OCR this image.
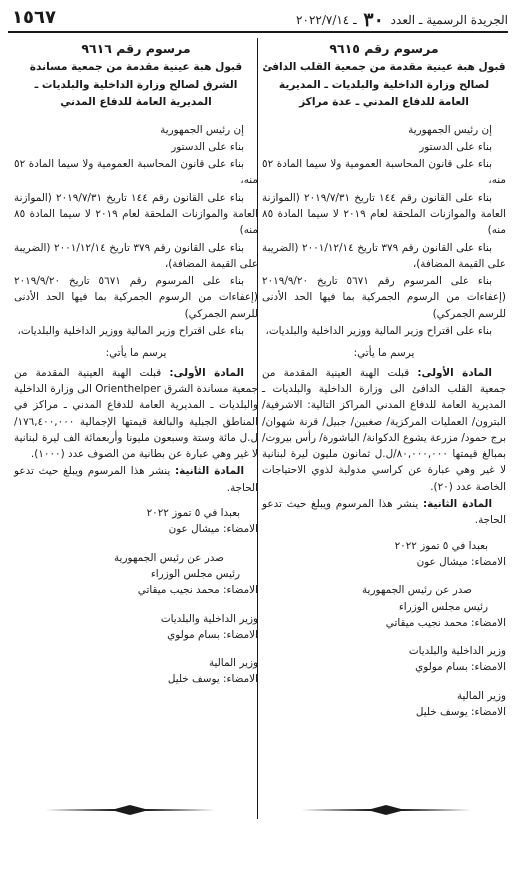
الجريدة الرسمية ـ العدد ٣٠ ـ ٢٠٢٢/٧/١٤
١٥٦٧
مرسوم رقم ٩٦١٥
قبول هبة عينية مقدمة من جمعية القلب الدافئ لصالح وزارة الداخلية والبلديات ـ المديرية العامة للدفاع المدني ـ عدة مراكز

إن رئيس الجمهورية

بناء على الدستور

بناء على قانون المحاسبة العمومية ولا سيما المادة ٥٢ منه،

بناء على القانون رقم ١٤٤ تاريخ ٢٠١٩/٧/٣١ (الموازنة العامة والموازنات الملحقة لعام ٢٠١٩ لا سيما المادة ٨٥ منه)

بناء على القانون رقم ٣٧٩ تاريخ ٢٠٠١/١٢/١٤ (الضريبة على القيمة المضافة)،

بناء على المرسوم رقم ٥٦٧١ تاريخ ٢٠١٩/٩/٢٠ (إعفاءات من الرسوم الجمركية بما فيها الحد الأدنى للرسم الجمركي)

بناء على اقتراح وزير المالية ووزير الداخلية والبلديات،

يرسم ما يأتي:

المادة الأولى: قبلت الهبة العينية المقدمة من جمعية القلب الدافئ الى وزارة الداخلية والبلديات ـ المديرية العامة للدفاع المدني المراكز التالية: الاشرفية/ البترون/ العمليات المركزية/ صغبين/ جبيل/ قرنة شهوان/ برج حمود/ مزرعة يشوع الدكوانة/ الباشورة/ رأس بيروت/ بمبالغ قيمتها ٨٠,٠٠٠,٠٠٠/ل.ل ثمانون مليون ليرة لبنانية لا غير وهي عبارة عن كراسي مدولبة لذوي الاحتياجات الخاصة عدد (٢٠).

المادة الثانية: ينشر هذا المرسوم ويبلغ حيث تدعو الحاجة.

بعبدا في ٥ تموز ٢٠٢٢

الامضاء: ميشال عون

صدر عن رئيس الجمهورية

رئيس مجلس الوزراء

الامضاء: محمد نجيب ميقاتي

وزير الداخلية والبلديات

الامضاء: بسام مولوي

وزير المالية

الامضاء: يوسف خليل

مرسوم رقم ٩٦١٦
قبول هبة عينية مقدمة من جمعية مساندة الشرق لصالح وزارة الداخلية والبلديات ـ المديرية العامة للدفاع المدني

إن رئيس الجمهورية

بناء على الدستور

بناء على قانون المحاسبة العمومية ولا سيما المادة ٥٢ منه،

بناء على القانون رقم ١٤٤ تاريخ ٢٠١٩/٧/٣١ (الموازنة العامة والموازنات الملحقة لعام ٢٠١٩ لا سيما المادة ٨٥ منه)

بناء على القانون رقم ٣٧٩ تاريخ ٢٠٠١/١٢/١٤ (الضريبة على القيمة المضافة)،

بناء على المرسوم رقم ٥٦٧١ تاريخ ٢٠١٩/٩/٢٠ (إعفاءات من الرسوم الجمركية بما فيها الحد الأدنى للرسم الجمركي)

بناء على اقتراح وزير المالية ووزير الداخلية والبلديات،

يرسم ما يأتي:

المادة الأولى: قبلت الهبة العينية المقدمة من جمعية مساندة الشرق Orienthelper الى وزارة الداخلية والبلديات ـ المديرية العامة للدفاع المدني ـ مراكز في المناطق الجبلية والبالغة قيمتها الإجمالية ١٧٦,٤٠٠,٠٠٠/ل.ل مائة وستة وسبعون مليونا وأربعمائة الف ليرة لبنانية لا غير وهي عبارة عن بطانية من الصوف عدد (١٠٠٠).

المادة الثانية: ينشر هذا المرسوم ويبلغ حيث تدعو الحاجة.

بعبدا في ٥ تموز ٢٠٢٢

الامضاء: ميشال عون

صدر عن رئيس الجمهورية

رئيس مجلس الوزراء

الامضاء: محمد نجيب ميقاتي

وزير الداخلية والبلديات

الامضاء: بسام مولوي

وزير المالية

الامضاء: يوسف خليل
